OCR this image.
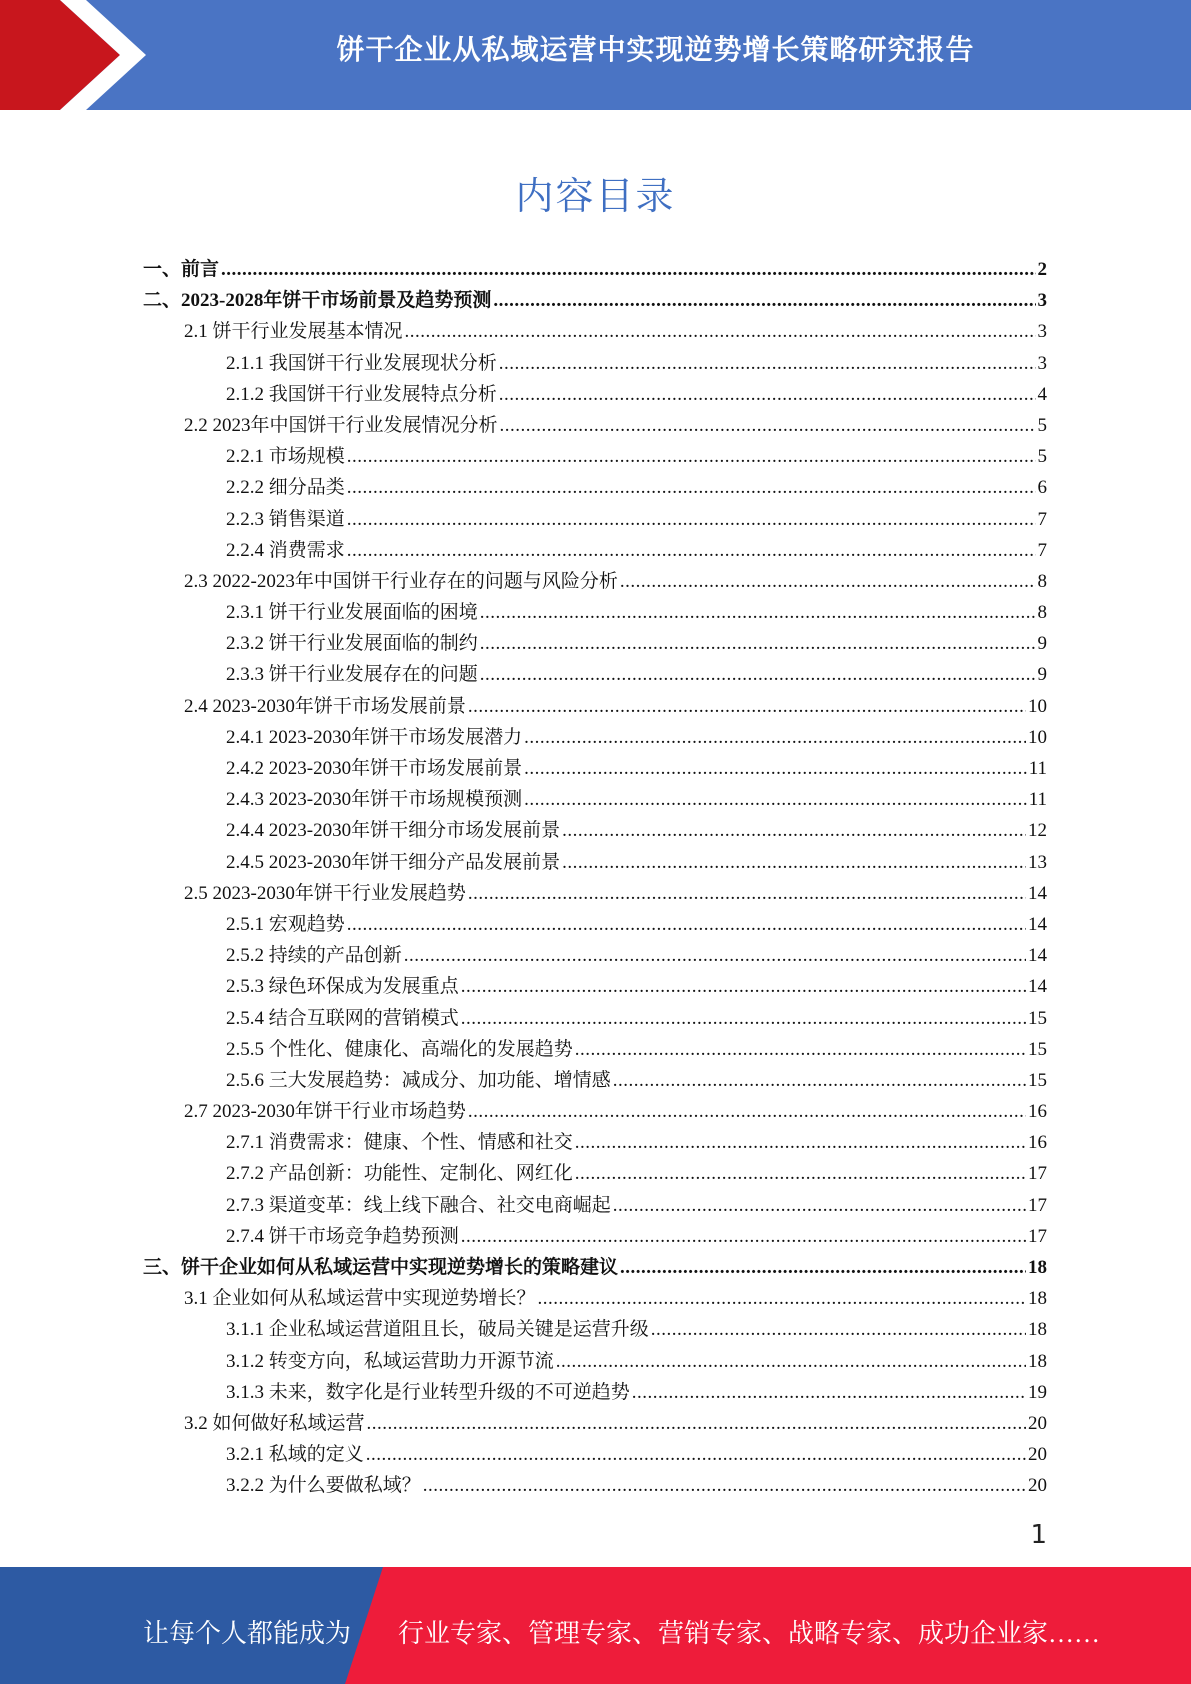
饼干企业从私域运营中实现逆势增长策略研究报告
内容目录
一、前言 .....	2
二、2023-2028年饼干市场前景及趋势预测 .....	3
2.1 饼干行业发展基本情况 .....	3
2.1.1 我国饼干行业发展现状分析 .....	3
2.1.2 我国饼干行业发展特点分析 .....	4
2.2 2023年中国饼干行业发展情况分析 .....	5
2.2.1 市场规模 .....	5
2.2.2 细分品类 .....	6
2.2.3 销售渠道 .....	7
2.2.4 消费需求 .....	7
2.3 2022-2023年中国饼干行业存在的问题与风险分析 .....	8
2.3.1 饼干行业发展面临的困境 .....	8
2.3.2 饼干行业发展面临的制约 .....	9
2.3.3 饼干行业发展存在的问题 .....	9
2.4 2023-2030年饼干市场发展前景 .....	10
2.4.1 2023-2030年饼干市场发展潜力 .....	10
2.4.2 2023-2030年饼干市场发展前景 .....	11
2.4.3 2023-2030年饼干市场规模预测 .....	11
2.4.4 2023-2030年饼干细分市场发展前景 .....	12
2.4.5 2023-2030年饼干细分产品发展前景 .....	13
2.5 2023-2030年饼干行业发展趋势 .....	14
2.5.1 宏观趋势 .....	14
2.5.2 持续的产品创新 .....	14
2.5.3 绿色环保成为发展重点 .....	14
2.5.4 结合互联网的营销模式 .....	15
2.5.5 个性化、健康化、高端化的发展趋势 .....	15
2.5.6 三大发展趋势：减成分、加功能、增情感 .....	15
2.7 2023-2030年饼干行业市场趋势 .....	16
2.7.1 消费需求：健康、个性、情感和社交 .....	16
2.7.2 产品创新：功能性、定制化、网红化 .....	17
2.7.3 渠道变革：线上线下融合、社交电商崛起 .....	17
2.7.4 饼干市场竞争趋势预测 .....	17
三、饼干企业如何从私域运营中实现逆势增长的策略建议 .....	18
3.1 企业如何从私域运营中实现逆势增长？ .....	18
3.1.1 企业私域运营道阻且长，破局关键是运营升级 .....	18
3.1.2 转变方向，私域运营助力开源节流 .....	18
3.1.3 未来，数字化是行业转型升级的不可逆趋势 .....	19
3.2 如何做好私域运营 .....	20
3.2.1 私域的定义 .....	20
3.2.2 为什么要做私域？ .....	20
1
让每个人都能成为 行业专家、管理专家、营销专家、战略专家、成功企业家……
